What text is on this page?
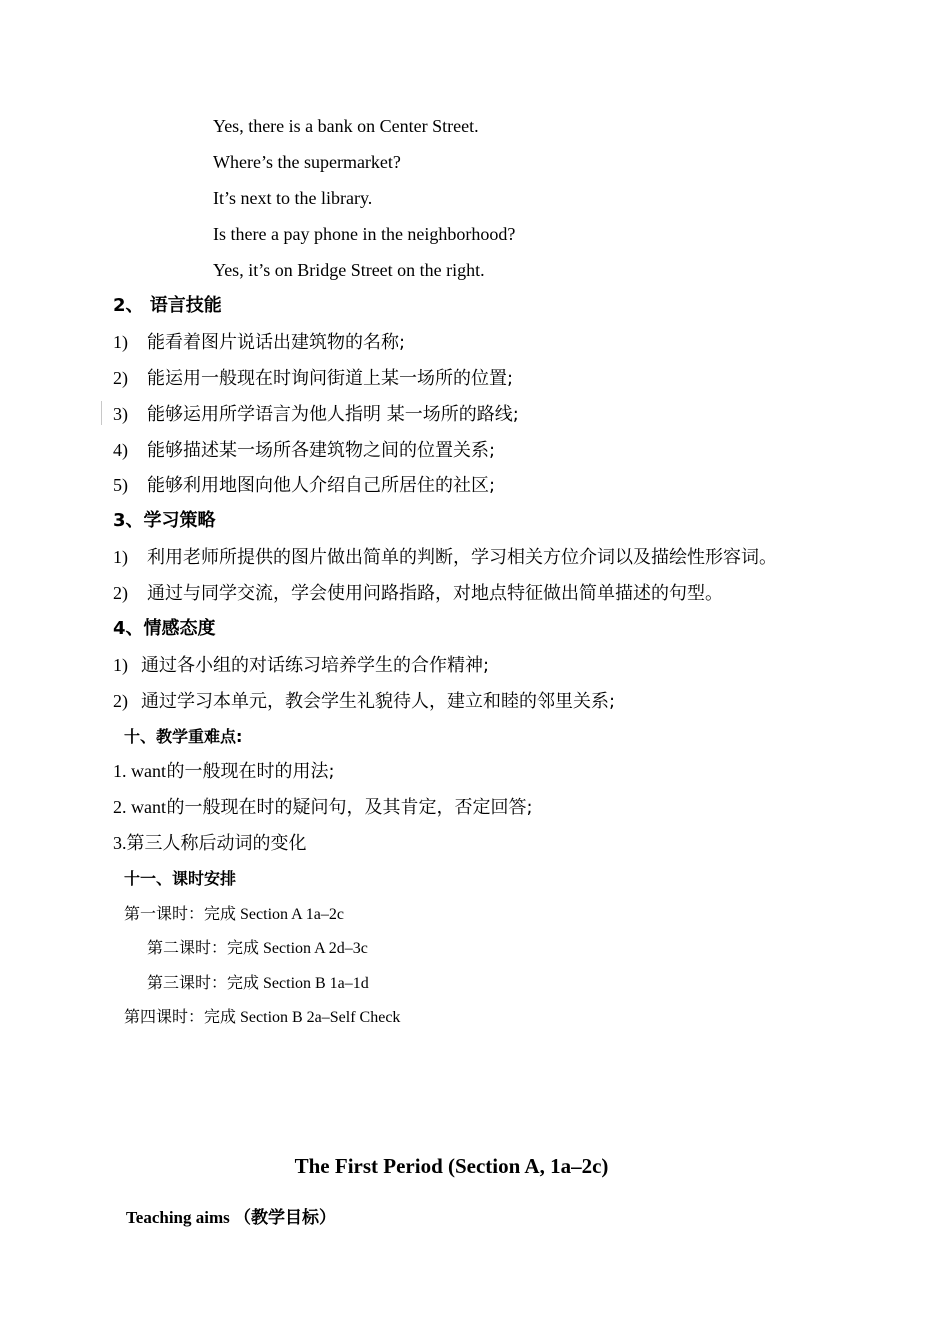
Yes, there is a bank on Center Street.
Where’s the supermarket?
It’s next to the library.
Is there a pay phone in the neighborhood?
Yes, it’s on Bridge Street on the right.
2、 语言技能
1) 能看着图片说话出建筑物的名称;
2) 能运用一般现在时询问街道上某一场所的位置;
3) 能够运用所学语言为他人指明 某一场所的路线;
4) 能够描述某一场所各建筑物之间的位置关系;
5) 能够利用地图向他人介绍自己所居住的社区;
3、学习策略
1) 利用老师所提供的图片做出简单的判断，学习相关方位介词以及描绘性形容词。
2) 通过与同学交流，学会使用问路指路，对地点特征做出简单描述的句型。
4、情感态度
1) 通过各小组的对话练习培养学生的合作精神;
2) 通过学习本单元，教会学生礼貌待人，建立和睦的邻里关系;
十、教学重难点:
1. want 的一般现在时的用法;
2. want 的一般现在时的疑问句，及其肯定，否定回答;
3.第三人称后动词的变化
十一、课时安排
第一课时：完成 Section A 1a–2c
第二课时：完成 Section A 2d–3c
第三课时：完成 Section B 1a–1d
第四课时：完成 Section B 2a–Self Check
The First Period (Section A, 1a–2c)
Teaching aims （教学目标）
